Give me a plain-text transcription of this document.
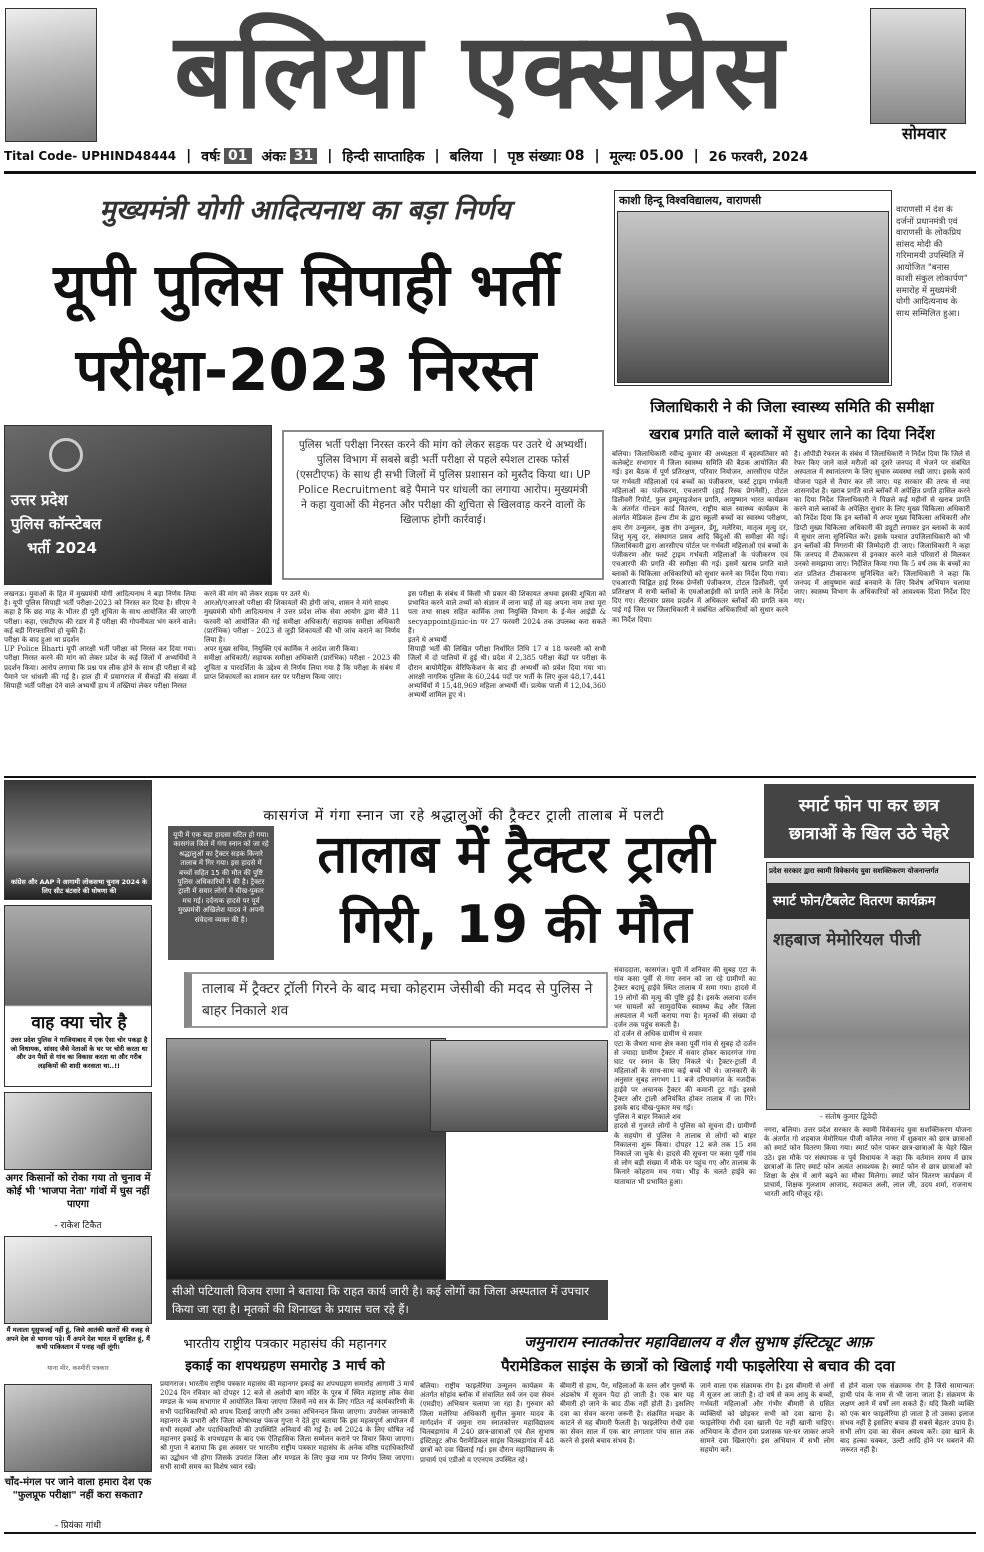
बलिया एक्सप्रेस
सोमवार
Tital Code- UPHIND48444 | वर्षः 01 अंकः 31 | हिन्दी साप्ताहिक | बलिया | पृष्ठ संख्याः 08 | मूल्यः 05.00 | 26 फरवरी, 2024
मुख्यमंत्री योगी आदित्यनाथ का बड़ा निर्णय
यूपी पुलिस सिपाही भर्ती
परीक्षा-2023 निरस्त
उत्तर प्रदेश
पुलिस कॉन्स्टेबल
भर्ती 2024
पुलिस भर्ती परीक्षा निरस्त करने की मांग को लेकर सड़क पर उतरे थे अभ्यर्थी। पुलिस विभाग में सबसे बड़ी भर्ती परीक्षा से पहले स्पेशल टास्क फोर्स (एसटीएफ) के साथ ही सभी जिलों में पुलिस प्रशासन को मुस्तैद किया था। UP Police Recruitment बड़े पैमाने पर धांधली का लगाया आरोप। मुख्यमंत्री ने कहा युवाओं की मेहनत और परीक्षा की शुचिता से खिलवाड़ करने वालों के खिलाफ होगी कार्रवाई।
लखनऊ। युवाओं के हित में मुख्यमंत्री योगी आदित्यनाथ ने बड़ा निर्णय लिया है। यूपी पुलिस सिपाही भर्ती परीक्षा-2023 को निरस्त कर दिया है। सीएम ने कहा है कि छह माह के भीतर ही पूरी शुचिता के साथ आयोजित की जाएगी परीक्षा। कहा, एसटीएफ की रडार में हैं परीक्षा की गोपनीयता भंग करने वाले। कई बड़ी गिरफ्तारियां हो चुकी हैं।
परीक्षा के बाद हुआ था प्रदर्शन
UP Police Bharti यूपी आरक्षी भर्ती परीक्षा को निरस्त कर दिया गया। परीक्षा निरस्त करने की मांग को लेकर प्रदेश के कई जिलों में अभ्यर्थियों ने प्रदर्शन किया। आरोप लगाया कि प्रश्न पत्र लीक होने के साथ ही परीक्षा में बड़े पैमाने पर धांधली की गई है। हाल ही में प्रयागराज में सैकड़ों की संख्या में सिपाही भर्ती परीक्षा देने वाले अभ्यर्थी हाथ में तख्तियां लेकर परीक्षा निरस्त
करने की मांग को लेकर सड़क पर उतरे थे।
आरओ/एआरओ परीक्षा की शिकायतों की होगी जांच, शासन ने मांगे साक्ष्य
मुख्यमंत्री योगी आदित्यनाथ ने उत्तर प्रदेश लोक सेवा आयोग द्वारा बीते 11 फरवरी को आयोजित की गई समीक्षा अधिकारी/ सहायक समीक्षा अधिकारी (प्रारंभिक) परीक्षा - 2023 से जुड़ी शिकायतों की भी जांच कराने का निर्णय लिया है।
अपर मुख्य सचिव, नियुक्ति एवं कार्मिक ने आदेश जारी किया।
समीक्षा अधिकारी/ सहायक समीक्षा अधिकारी (प्रारंभिक) परीक्षा - 2023 की शुचिता व पारदर्शिता के उद्देश्य से निर्णय लिया गया है कि परीक्षा के संबंध में प्राप्त शिकायतों का शासन स्तर पर परीक्षण किया जाए।
इस परीक्षा के संबंध में किसी भी प्रकार की शिकायत अथवा इसकी शुचिता को प्रभावित करने वाले तथ्यों को संज्ञान में लाना चाहें तो वह अपना नाम तथा पूरा पता तथा साक्ष्य सहित कार्मिक तथा नियुक्ति विभाग के ई-मेल आईडी & secyappoint@nic-in पर 27 फरवरी 2024 तक उपलब्ध करा सकते हैं।
इतने थे अभ्यर्थी
सिपाही भर्ती की लिखित परीक्षा निर्धारित तिथि 17 व 18 फरवरी को सभी जिलों में दो पालियों में हुई थी। प्रदेश में 2,385 परीक्षा केंद्रों पर परीक्षा के दौरान बायोमैट्रिक वेरिफिकेशन के बाद ही अभ्यर्थी को प्रवेश दिया गया था। आरक्षी नागरिक पुलिस के 60,244 पदों पर भर्ती के लिए कुल 48,17,441 अभ्यर्थियों में 15,48,969 महिला अभ्यर्थी थीं। प्रत्येक पाली में 12,04,360 अभ्यर्थी शामिल हुए थे।
काशी हिन्दू विश्वविद्यालय, वाराणसी
वाराणसी में देश के दर्जनों प्रधानमंत्री एवं वाराणसी के लोकप्रिय सांसद मोदी की गरिमामयी उपस्थिति में आयोजित "बनास काशी संकुल लोकार्पण" समारोह में मुख्यमंत्री योगी आदित्यनाथ के साथ सम्मिलित हुआ।
जिलाधिकारी ने की जिला स्वास्थ्य समिति की समीक्षा
खराब प्रगति वाले ब्लाकों में सुधार लाने का दिया निर्देश
बलिया। जिलाधिकारी रवीन्द्र कुमार की अध्यक्षता में बृहस्पतिवार को कलेक्ट्रेट सभागार में जिला स्वास्थ्य समिति की बैठक आयोजित की गई। इस बैठक में पूर्ण प्रतिरक्षण, परिवार नियोजन, आरसीएच पोर्टल पर गर्भवती महिलाओं एवं बच्चों का पंजीकरण, फर्स्ट ट्राइम गर्भवती महिलाओं का पंजीकरण, एचआरपी (हाई रिस्क प्रेगनेंसी), टोटल डिलीवरी रिपोर्ट, फुल इम्यूनाइजेशन प्रगति, आयुष्मान भारत कार्यक्रम के अंतर्गत गोल्डन कार्ड वितरण, राष्ट्रीय बाल स्वास्थ्य कार्यक्रम के अंतर्गत मेडिकल हेल्थ टीम के द्वारा स्कूली बच्चों का स्वास्थ्य परीक्षण, क्षय रोग उन्मूलन, कुष्ठ रोग उन्मूलन, डेंगू, मलेरिया, मातृत्व मृत्यु दर, शिशु मृत्यु दर, संस्थागत प्रसव आदि बिंदुओं की समीक्षा की गई। जिलाधिकारी द्वारा आरसीएच पोर्टल पर गर्भवती महिलाओं एवं बच्चों के पंजीकरण और फर्स्ट ट्राइम गर्भवती महिलाओं के पंजीकरण एवं एचआरपी की प्रगति की समीक्षा की गई। इसमें खराब प्रगति वाले ब्लाकों के चिकित्सा अधिकारियों को सुधार करने का निर्देश दिया गया। एचआरपी चिह्नित हाई रिस्क प्रेग्नेंसी पंजीकरण, टोटल डिलीवरी, पूर्ण प्रतिरक्षण में सभी ब्लॉकों के एमओआईसी को प्रगति लाने के निर्देश दिए गए। सेंटरवार प्रसव प्रदर्शन में अधिकतर ब्लॉकों की प्रगति कम पाई गई जिस पर जिलाधिकारी ने संबंधित अधिकारियों को सुधार करने का निर्देश दिया।
है। ओपीडी रेफरल के संबंध में जिलाधिकारी ने निर्देश दिया कि जिले से रेफर किए जाने वाले मरीजों को दूसरे जनपद में भेजने पर संबंधित अस्पताल में स्थानांतरण के लिए सुचारु व्यवस्था रखी जाए। इसके कार्य योजना पहले से तैयार कर ली जाए। यह सरकार की तरफ से नया शासनादेश है। खराब प्रगति वाले ब्लॉकों में अपेक्षित प्रगति हासिल करने का दिया निर्देश जिलाधिकारी ने पिछले कई महीनों से खराब प्रगति करने वाले ब्लाकों के अपेक्षित सुधार के लिए मुख्य चिकित्सा अधिकारी को निर्देश दिया कि इन ब्लॉकों में अपर मुख्य चिकित्सा अधिकारी और डिप्टी मुख्य चिकित्सा अधिकारी की ड्यूटी लगाकर इन ब्लाकों के कार्य में सुधार लाना सुनिश्चित करें। इसके पश्चात उपजिलाधिकारी को भी इन ब्लॉकों की निगरानी की जिम्मेदारी दी जाए। जिलाधिकारी ने कहा कि जनपद में टीकाकरण से इनकार करने वाले परिवारों से मिलकर उनको समझाया जाए। निर्देशित किया गया कि 5 वर्ष तक के बच्चों का शत प्रतिशत टीकाकरण सुनिश्चित करें। जिलाधिकारी ने कहा कि जनपद में आयुष्मान कार्ड बनवाने के लिए विशेष अभियान चलाया जाए। स्वास्थ्य विभाग के अधिकारियों को आवश्यक दिशा निर्देश दिए गए।
कांग्रेस और AAP ने आगामी लोकसभा चुनाव 2024 के लिए सीट बंटवारे की घोषणा की
वाह क्या चोर है
उत्तर प्रदेश पुलिस ने गाजियाबाद में एक ऐसा चोर पकड़ा है जो विधायक, सांसद जैसे नेताओं के घर पर चोरी करता था और उन पैसों से गांव का विकास करता था और गरीब लड़कियों की शादी करवाता था..!!
अगर किसानों को रोका गया तो चुनाव में कोई भी 'भाजपा नेता' गांवों में घुस नहीं पाएगा
- राकेश टिकैत
मैं मलाला यूसुफजई नहीं हूं, जिसे आतंकी खतरों की वजह से अपने देश से भागना पड़े। मैं अपने देश भारत में सुरक्षित हूं, मैं कभी पाकिस्तान में पनाह नहीं लूंगी।
याना मीर, कश्मीरी पत्रकार
चाँद-मंगल पर जाने वाला हमारा देश एक "फुलप्रूफ परीक्षा" नहीं करा सकता?
- प्रियंका गांधी
कासगंज में गंगा स्नान जा रहे श्रद्धालुओं की ट्रैक्टर ट्राली तालाब में पलटी
यूपी में एक बड़ा हादसा घटित हो गया। कासगंज जिले में गंगा स्नान को जा रहे श्रद्धालुओं का ट्रैक्टर सड़क किनारे तालाब में गिर गया। इस हादसे में बच्चों सहित 15 की मौत की पुष्टि पुलिस अधिकारियों ने की है। ट्रैक्टर ट्राली में सवार लोगों में चीख-पुकार मच गई। दर्दनाक हादसे पर पूर्व मुख्यमंत्री अखिलेश यादव ने अपनी संवेदना व्यक्त की है।
तालाब में ट्रैक्टर ट्राली
गिरी, 19 की मौत
तालाब में ट्रैक्टर ट्रॉली गिरने के बाद मचा कोहराम जेसीबी की मदद से पुलिस ने बाहर निकाले शव
सीओ पटियाली विजय राणा ने बताया कि राहत कार्य जारी है। कई लोगों का जिला अस्पताल में उपचार किया जा रहा है। मृतकों की शिनाख्त के प्रयास चल रहे हैं।
संवाददाता, कासगंज। यूपी में शनिवार की सुबह एटा के गांव कसा पूर्वी से गंगा स्नान को जा रहे ग्रामीणों का ट्रैक्टर बदायूं हाईवे स्थित तालाब में समा गया। हादसे में 19 लोगों की मृत्यु की पुष्टि हुई है। इसके अलावा दर्जन भर घायलों को सामुदायिक स्वास्थ्य केंद्र और जिला अस्पताल में भर्ती कराया गया है। मृतकों की संख्या दो दर्जन तक पहुंच सकती है।
दो दर्जन से अधिक ग्रामीण थे सवार
एटा के जैथरा थाना क्षेत्र कसा पूर्वी गांव से सुबह दो दर्जन से ज्यादा ग्रामीण ट्रैक्टर में सवार होकर कादरगंज गंगा घाट पर स्नान के लिए निकले थे। ट्रैक्टर-ट्राली में महिलाओं के साथ-साथ कई बच्चे भी थे। जानकारी के अनुसार सुबह लगभग 11 बजे दरियावगंज के नजदीक हाईवे पर अचानक ट्रैक्टर की कमानी टूट गई। इससे ट्रैक्टर और ट्राली अनियंत्रित होकर तालाब में जा गिरे। इसके बाद चीख-पुकार मच गई।
पुलिस ने बाहर निकाले शव
हादसे से गुजरते लोगों ने पुलिस को सूचना दी। ग्रामीणों के सहयोग से पुलिस ने तालाब से लोगों को बाहर निकालना शुरू किया। दोपहर 12 बजे तक 15 शव निकाले जा चुके थे। हादसे की सूचना पर कसा पूर्वी गांव से लोग बड़ी संख्या में मौके पर पहुंच गए और तालाब के किनारे कोहराम मच गया। भीड़ के चलते हाईवे का यातायात भी प्रभावित हुआ।
स्मार्ट फोन पा कर छात्र
छात्राओं के खिल उठे चेहरे
प्रदेश सरकार द्वारा स्वामी विवेकानंद युवा सशक्तिकरण योजनान्तर्गत
स्मार्ट फोन/टैबलेट वितरण कार्यक्रम
शहबाज मेमोरियल पीजी
- संतोष कुमार द्विवेदी
नगरा, बलिया। उत्तर प्रदेश सरकार के स्वामी विवेकानंद युवा सशक्तिकरण योजना के अंतर्गत गो शहबाज मेमोरियल पीजी कॉलेज नगरा में शुक्रवार को छात्र छात्राओं को स्मार्ट फोन वितरण किया गया। स्मार्ट फोन पाकर छात्र-छात्राओं के चेहरे खिल उठे। इस मौके पर संस्थापक व पूर्व विधायक ने कहा कि वर्तमान समय में छात्र छात्राओं के लिए स्मार्ट फोन अत्यंत आवश्यक है। स्मार्ट फोन से छात्र छात्राओं को शिक्षा के क्षेत्र में आगे बढ़ने का मौका मिलेगा। स्मार्ट फोन वितरण कार्यक्रम में प्राचार्य, शिक्षक गुलशाम आजाद, सदाकत अली, लाल जी, उदय शर्मा, राजनाथ भारती आदि मौजूद रहे।
भारतीय राष्ट्रीय पत्रकार महासंघ की महानगर
इकाई का शपथग्रहण समारोह 3 मार्च को
प्रयागराज। भारतीय राष्ट्रीय पत्रकार महासंघ की महानगर इकाई का शपथग्रहण समारोह आगामी 3 मार्च 2024 दिन रविवार को दोपहर 12 बजे से अलोपी बाग मंदिर के पूरब में स्थित महाराष्ट्र लोक सेवा मण्डल के भव्य सभागार में आयोजित किया जाएगा जिसमें नये सत्र के लिए गठित नई कार्यकारिणी के सभी पदाधिकारियों को शपथ दिलाई जाएगी और उनका अभिनन्दन किया जाएगा। उपरोक्त जानकारी महानगर के प्रभारी और जिला कोषाध्यक्ष पंकज गुप्ता ने देते हुए बताया कि इस महत्वपूर्ण आयोजन में सभी सदस्यों और पदाधिकारियों की उपस्थिति अनिवार्य की गई है। वर्ष 2024 के लिए घोषित नई महानगर इकाई के शपथग्रहण के बाद एक ऐतिहासिक जिला सम्मेलन कराने पर विचार किया जाएगा। श्री गुप्ता ने बताया कि इस अवसर पर भारतीय राष्ट्रीय पत्रकार महासंघ के अनेक वरिष्ठ पदाधिकारियों का उद्बोधन भी होगा जिसके उपरांत जिला और मण्डल के लिए कुछ नाम पर निर्णय लिया जाएगा। सभी साथी समय का विशेष ध्यान रखें।
जमुनाराम स्नातकोत्तर महाविद्यालय व शैल सुभाष इंस्टिट्यूट आफ़
पैरामेडिकल साइंस के छात्रों को खिलाई गयी फाइलेरिया से बचाव की दवा
बलिया। राष्ट्रीय फाइलेरिया उन्मूलन कार्यक्रम के अंतर्गत सोहांव ब्लॉक में संचालित सर्व जन दवा सेवन (एमडीए) अभियान चलाया जा रहा है। गुरुवार को जिला मलेरिया अधिकारी सुनील कुमार यादव के मार्गदर्शन में जमुना राम स्नातकोत्तर महाविद्यालय चितबड़ागांव में 240 छात्र-छात्राओं एवं शैल सुभाष इंस्टिट्यूट ऑफ पैरामेडिकल साइंस चितबड़ागांव में 48 छात्रों को दवा खिलाई गई। इस दौरान महाविद्यालय के प्राचार्य एवं एडीओ व एएनएम उपस्थित रहे।
बीमारी से हाथ, पैर, महिलाओं के स्तन और पुरुषों के अंडकोष में सूजन पैदा हो जाती है। एक बार यह बीमारी हो जाने के बाद ठीक नहीं होती है। इसलिए दवा का सेवन करना जरूरी है। संक्रमित मच्छर के काटने से यह बीमारी फैलती है। फाइलेरिया रोधी दवा का सेवन साल में एक बार लगातार पांच साल तक करने से इससे बचाव संभव है।
जाने वाला एक संक्रामक रोग है। इस बीमारी से अंगों में सूजन आ जाती है। दो वर्ष से कम आयु के बच्चों, गर्भवती महिलाओं और गंभीर बीमारी से ग्रसित व्यक्तियों को छोड़कर सभी को दवा खाना है। फाइलेरिया रोधी दवा खाली पेट नहीं खानी चाहिए। अभियान के दौरान दवा प्रशासक घर-घर जाकर अपने सामने दवा खिलाएंगे। इस अभियान में सभी लोग सहयोग करें।
से होने वाला एक संक्रामक रोग है जिसे सामान्यतः हाथी पांव के नाम से भी जाना जाता है। संक्रमण के लक्षण आने में वर्षों लग सकते हैं। यदि किसी व्यक्ति को एक बार फाइलेरिया हो जाता है तो उसका इलाज संभव नहीं है इसलिए बचाव ही सबसे बेहतर उपाय है। सभी लोग दवा का सेवन अवश्य करें। दवा खाने के बाद हल्का चक्कर, उल्टी आदि होने पर घबराने की जरूरत नहीं है।
